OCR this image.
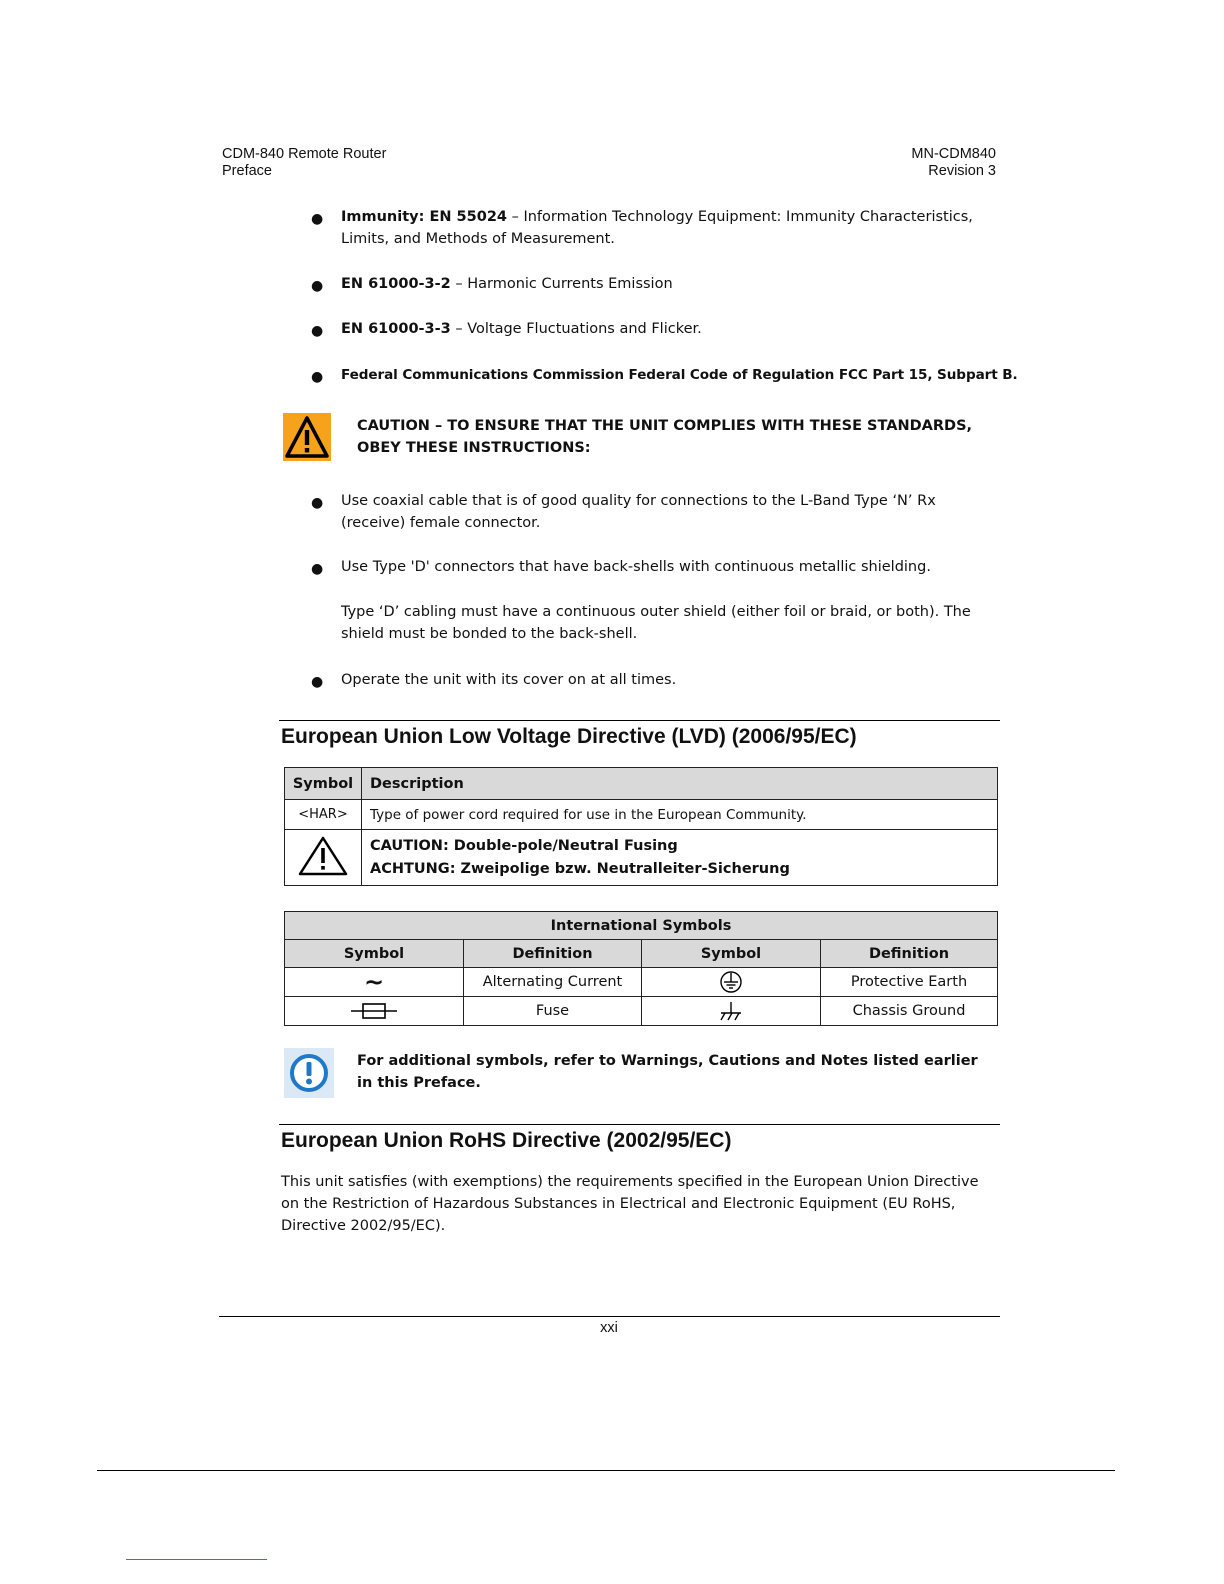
CDM-840 Remote Router
Preface
MN-CDM840
Revision 3
● Immunity: EN 55024 – Information Technology Equipment: Immunity Characteristics, Limits, and Methods of Measurement.
● EN 61000-3-2 – Harmonic Currents Emission
● EN 61000-3-3 – Voltage Fluctuations and Flicker.
● Federal Communications Commission Federal Code of Regulation FCC Part 15, Subpart B.
CAUTION – TO ENSURE THAT THE UNIT COMPLIES WITH THESE STANDARDS, OBEY THESE INSTRUCTIONS:
● Use coaxial cable that is of good quality for connections to the L-Band Type ‘N’ Rx (receive) female connector.
● Use Type 'D' connectors that have back-shells with continuous metallic shielding.
Type ‘D’ cabling must have a continuous outer shield (either foil or braid, or both). The shield must be bonded to the back-shell.
● Operate the unit with its cover on at all times.
European Union Low Voltage Directive (LVD) (2006/95/EC)
Symbol	Description
<HAR>	Type of power cord required for use in the European Community.

CAUTION: Double-pole/Neutral Fusing
ACHTUNG: Zweipolige bzw. Neutralleiter-Sicherung
International Symbols			
Symbol	Definition	Symbol	Definition
~	Alternating Current		Protective Earth
	Fuse		Chassis Ground
For additional symbols, refer to Warnings, Cautions and Notes listed earlier in this Preface.
European Union RoHS Directive (2002/95/EC)
This unit satisfies (with exemptions) the requirements specified in the European Union Directive on the Restriction of Hazardous Substances in Electrical and Electronic Equipment (EU RoHS, Directive 2002/95/EC).
xxi
